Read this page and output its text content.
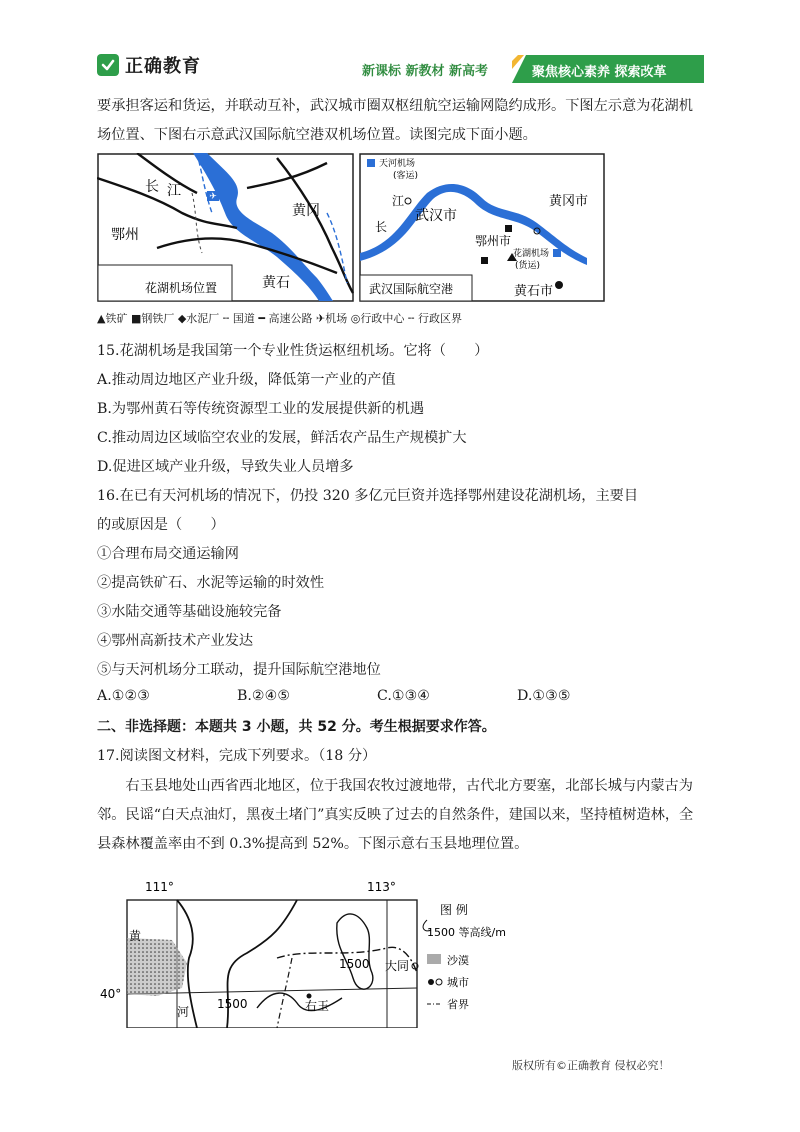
正确教育	新课标 新教材 新高考	聚焦核心素养 探索改革
要承担客运和货运，并联动互补，武汉城市圈双枢纽航空运输网隐约成形。下图左示意为花湖机场位置、下图右示意武汉国际航空港双机场位置。读图完成下面小题。
✈
长 江
鄂州
黄冈
黄石
花湖机场位置
天河机场
(客运)
江
长
武汉市
黄冈市
鄂州市
花湖机场
(货运)
黄石市
武汉国际航空港
▲铁矿 ■钢铁厂 ◆水泥厂 ╌ 国道 ━ 高速公路 ✈机场 ◎行政中心 ╌ 行政区界
15.花湖机场是我国第一个专业性货运枢纽机场。它将（　　）
A.推动周边地区产业升级，降低第一产业的产值
B.为鄂州黄石等传统资源型工业的发展提供新的机遇
C.推动周边区域临空农业的发展，鲜活农产品生产规模扩大
D.促进区域产业升级，导致失业人员增多
16.在已有天河机场的情况下，仍投 320 多亿元巨资并选择鄂州建设花湖机场，主要目
的或原因是（　　）
①合理布局交通运输网
②提高铁矿石、水泥等运输的时效性
③水陆交通等基础设施较完备
④鄂州高新技术产业发达
⑤与天河机场分工联动，提升国际航空港地位
A.①②③	B.②④⑤	C.①③④	D.①③⑤
二、非选择题：本题共 3 小题，共 52 分。考生根据要求作答。
17.阅读图文材料，完成下列要求。（18 分）
右玉县地处山西省西北地区，位于我国农牧过渡地带，古代北方要塞，北部长城与内蒙古为邻。民谣“白天点油灯，黑夜土堵门”真实反映了过去的自然条件，建国以来，坚持植树造林，全县森林覆盖率由不到 0.3%提高到 52%。下图示意右玉县地理位置。
111°	113°
40°
黄
河
1500
1500	右玉
大同
图 例
1500 等高线/m
沙漠
城市
省界
版权所有©正确教育 侵权必究！
